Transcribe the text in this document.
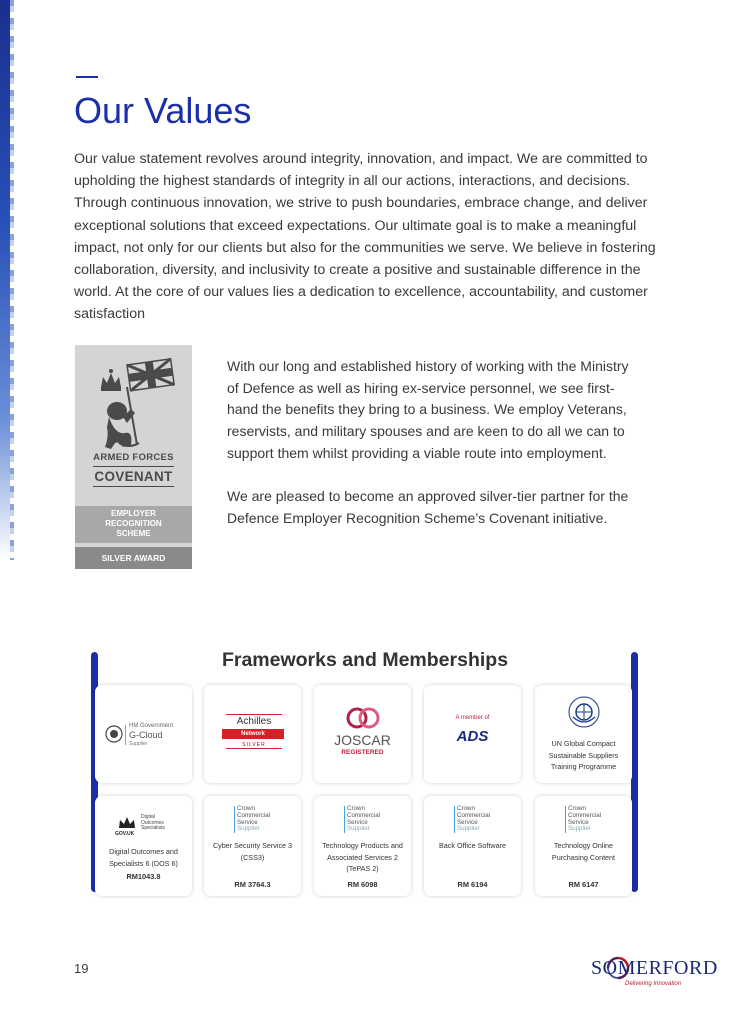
Our Values

Our value statement revolves around integrity, innovation, and impact. We are committed to upholding the highest standards of integrity in all our actions, interactions, and decisions. Through continuous innovation, we strive to push boundaries, embrace change, and deliver exceptional solutions that exceed expectations. Our ultimate goal is to make a meaningful impact, not only for our clients but also for the communities we serve. We believe in fostering collaboration, diversity, and inclusivity to create a positive and sustainable difference in the world. At the core of our values lies a dedication to excellence, accountability, and customer satisfaction

ARMED FORCES
COVENANT
EMPLOYER
RECOGNITION
SCHEME
SILVER AWARD

With our long and established history of working with the Ministry of Defence as well as hiring ex-service personnel, we see first-hand the benefits they bring to a business. We employ Veterans, reservists, and military spouses and are keen to do all we can to support them whilst providing a viable route into employment.

We are pleased to become an approved silver-tier partner for the Defence Employer Recognition Scheme’s Covenant initiative.

Frameworks and Memberships
HM Government
G-Cloud
Supplier
Achilles
Network
SILVER	JOSCAR
REGISTERED
A member of
ADS	UN Global Compact Sustainable Suppliers Training Programme
GOV.UK
Digital
Outcomes
Specialists
Digital Outcomes and Specialists 6 (DOS 6)
RM1043.8
Crown
Commercial
Service
Supplier
Cyber Security Service 3 (CSS3)
RM 3764.3
Crown
Commercial
Service
Supplier
Technology Products and Associated Services 2 (TePAS 2)
RM 6098
Crown
Commercial
Service
Supplier
Back Office Software
RM 6194
Crown
Commercial
Service
Supplier
Technology Online Purchasing Content
RM 6147
19	SOMERFORD
Delivering Innovation
